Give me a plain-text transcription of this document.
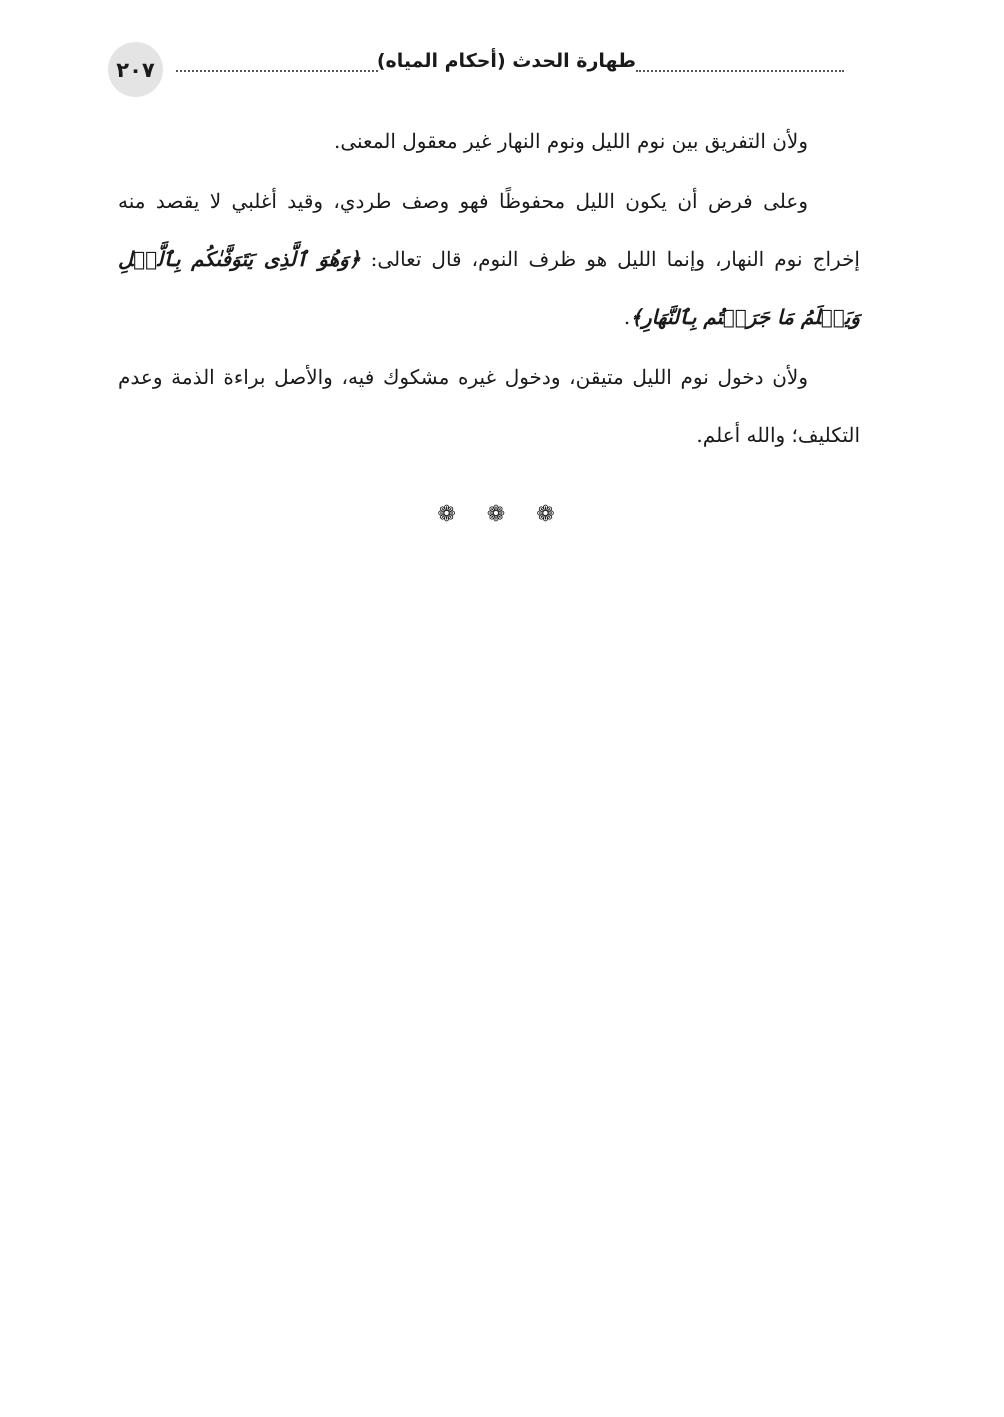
٢٠٧	طهارة الحدث (أحكام المياه)

ولأن التفريق بين نوم الليل ونوم النهار غير معقول المعنى.

وعلى فرض أن يكون الليل محفوظًا فهو وصف طردي، وقيد أغلبي لا يقصد منه إخراج نوم النهار، وإنما الليل هو ظرف النوم، قال تعالى: ﴿وَهُوَ ٱلَّذِى يَتَوَفَّىٰكُم بِٱلَّيۡلِ وَيَعۡلَمُ مَا جَرَحۡتُم بِٱلنَّهَارِ﴾.

ولأن دخول نوم الليل متيقن، ودخول غيره مشكوك فيه، والأصل براءة الذمة وعدم التكليف؛ والله أعلم.

❁ ❁ ❁
